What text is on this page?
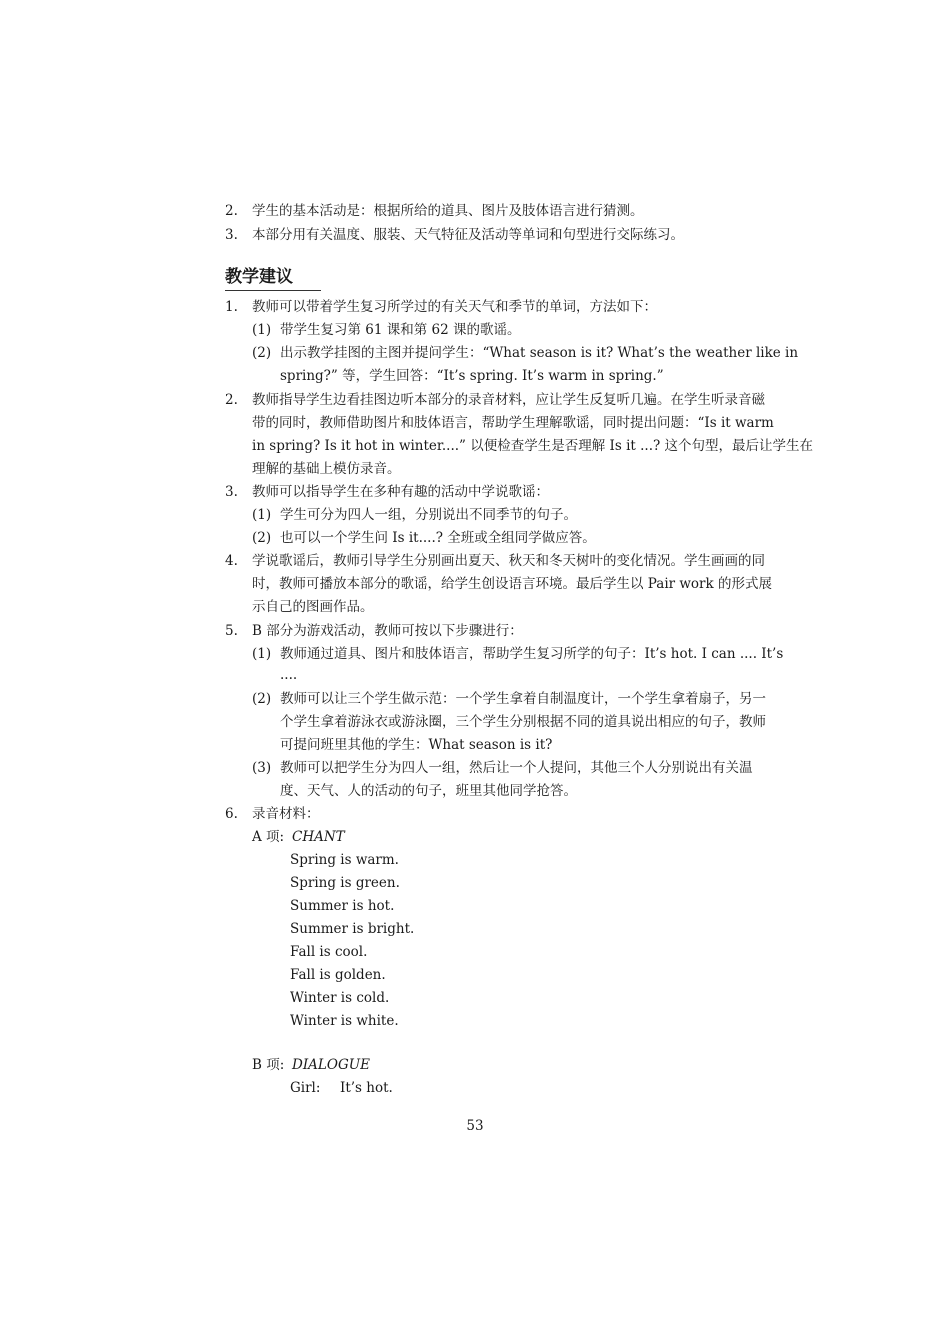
2. 学生的基本活动是：根据所给的道具、图片及肢体语言进行猜测。
3. 本部分用有关温度、服装、天气特征及活动等单词和句型进行交际练习。
教学建议
1. 教师可以带着学生复习所学过的有关天气和季节的单词，方法如下：
(1) 带学生复习第 61 课和第 62 课的歌谣。
(2) 出示教学挂图的主图并提问学生：“What season is it? What’s the weather like in
spring?” 等，学生回答：“It’s spring. It’s warm in spring.”
2. 教师指导学生边看挂图边听本部分的录音材料，应让学生反复听几遍。在学生听录音磁
带的同时，教师借助图片和肢体语言，帮助学生理解歌谣，同时提出问题：“Is it warm
in spring? Is it hot in winter....” 以便检查学生是否理解 Is it ...? 这个句型，最后让学生在
理解的基础上模仿录音。
3. 教师可以指导学生在多种有趣的活动中学说歌谣：
(1) 学生可分为四人一组，分别说出不同季节的句子。
(2) 也可以一个学生问 Is it....? 全班或全组同学做应答。
4. 学说歌谣后，教师引导学生分别画出夏天、秋天和冬天树叶的变化情况。学生画画的同
时，教师可播放本部分的歌谣，给学生创设语言环境。最后学生以 Pair work 的形式展
示自己的图画作品。
5. B 部分为游戏活动，教师可按以下步骤进行：
(1) 教师通过道具、图片和肢体语言，帮助学生复习所学的句子：It’s hot. I can .... It’s
....
(2) 教师可以让三个学生做示范：一个学生拿着自制温度计，一个学生拿着扇子，另一
个学生拿着游泳衣或游泳圈，三个学生分别根据不同的道具说出相应的句子，教师
可提问班里其他的学生：What season is it?
(3) 教师可以把学生分为四人一组，然后让一个人提问，其他三个人分别说出有关温
度、天气、人的活动的句子，班里其他同学抢答。
6. 录音材料：
A 项: CHANT
Spring is warm.
Spring is green.
Summer is hot.
Summer is bright.
Fall is cool.
Fall is golden.
Winter is cold.
Winter is white.
B 项: DIALOGUE
Girl: It’s hot.
53
